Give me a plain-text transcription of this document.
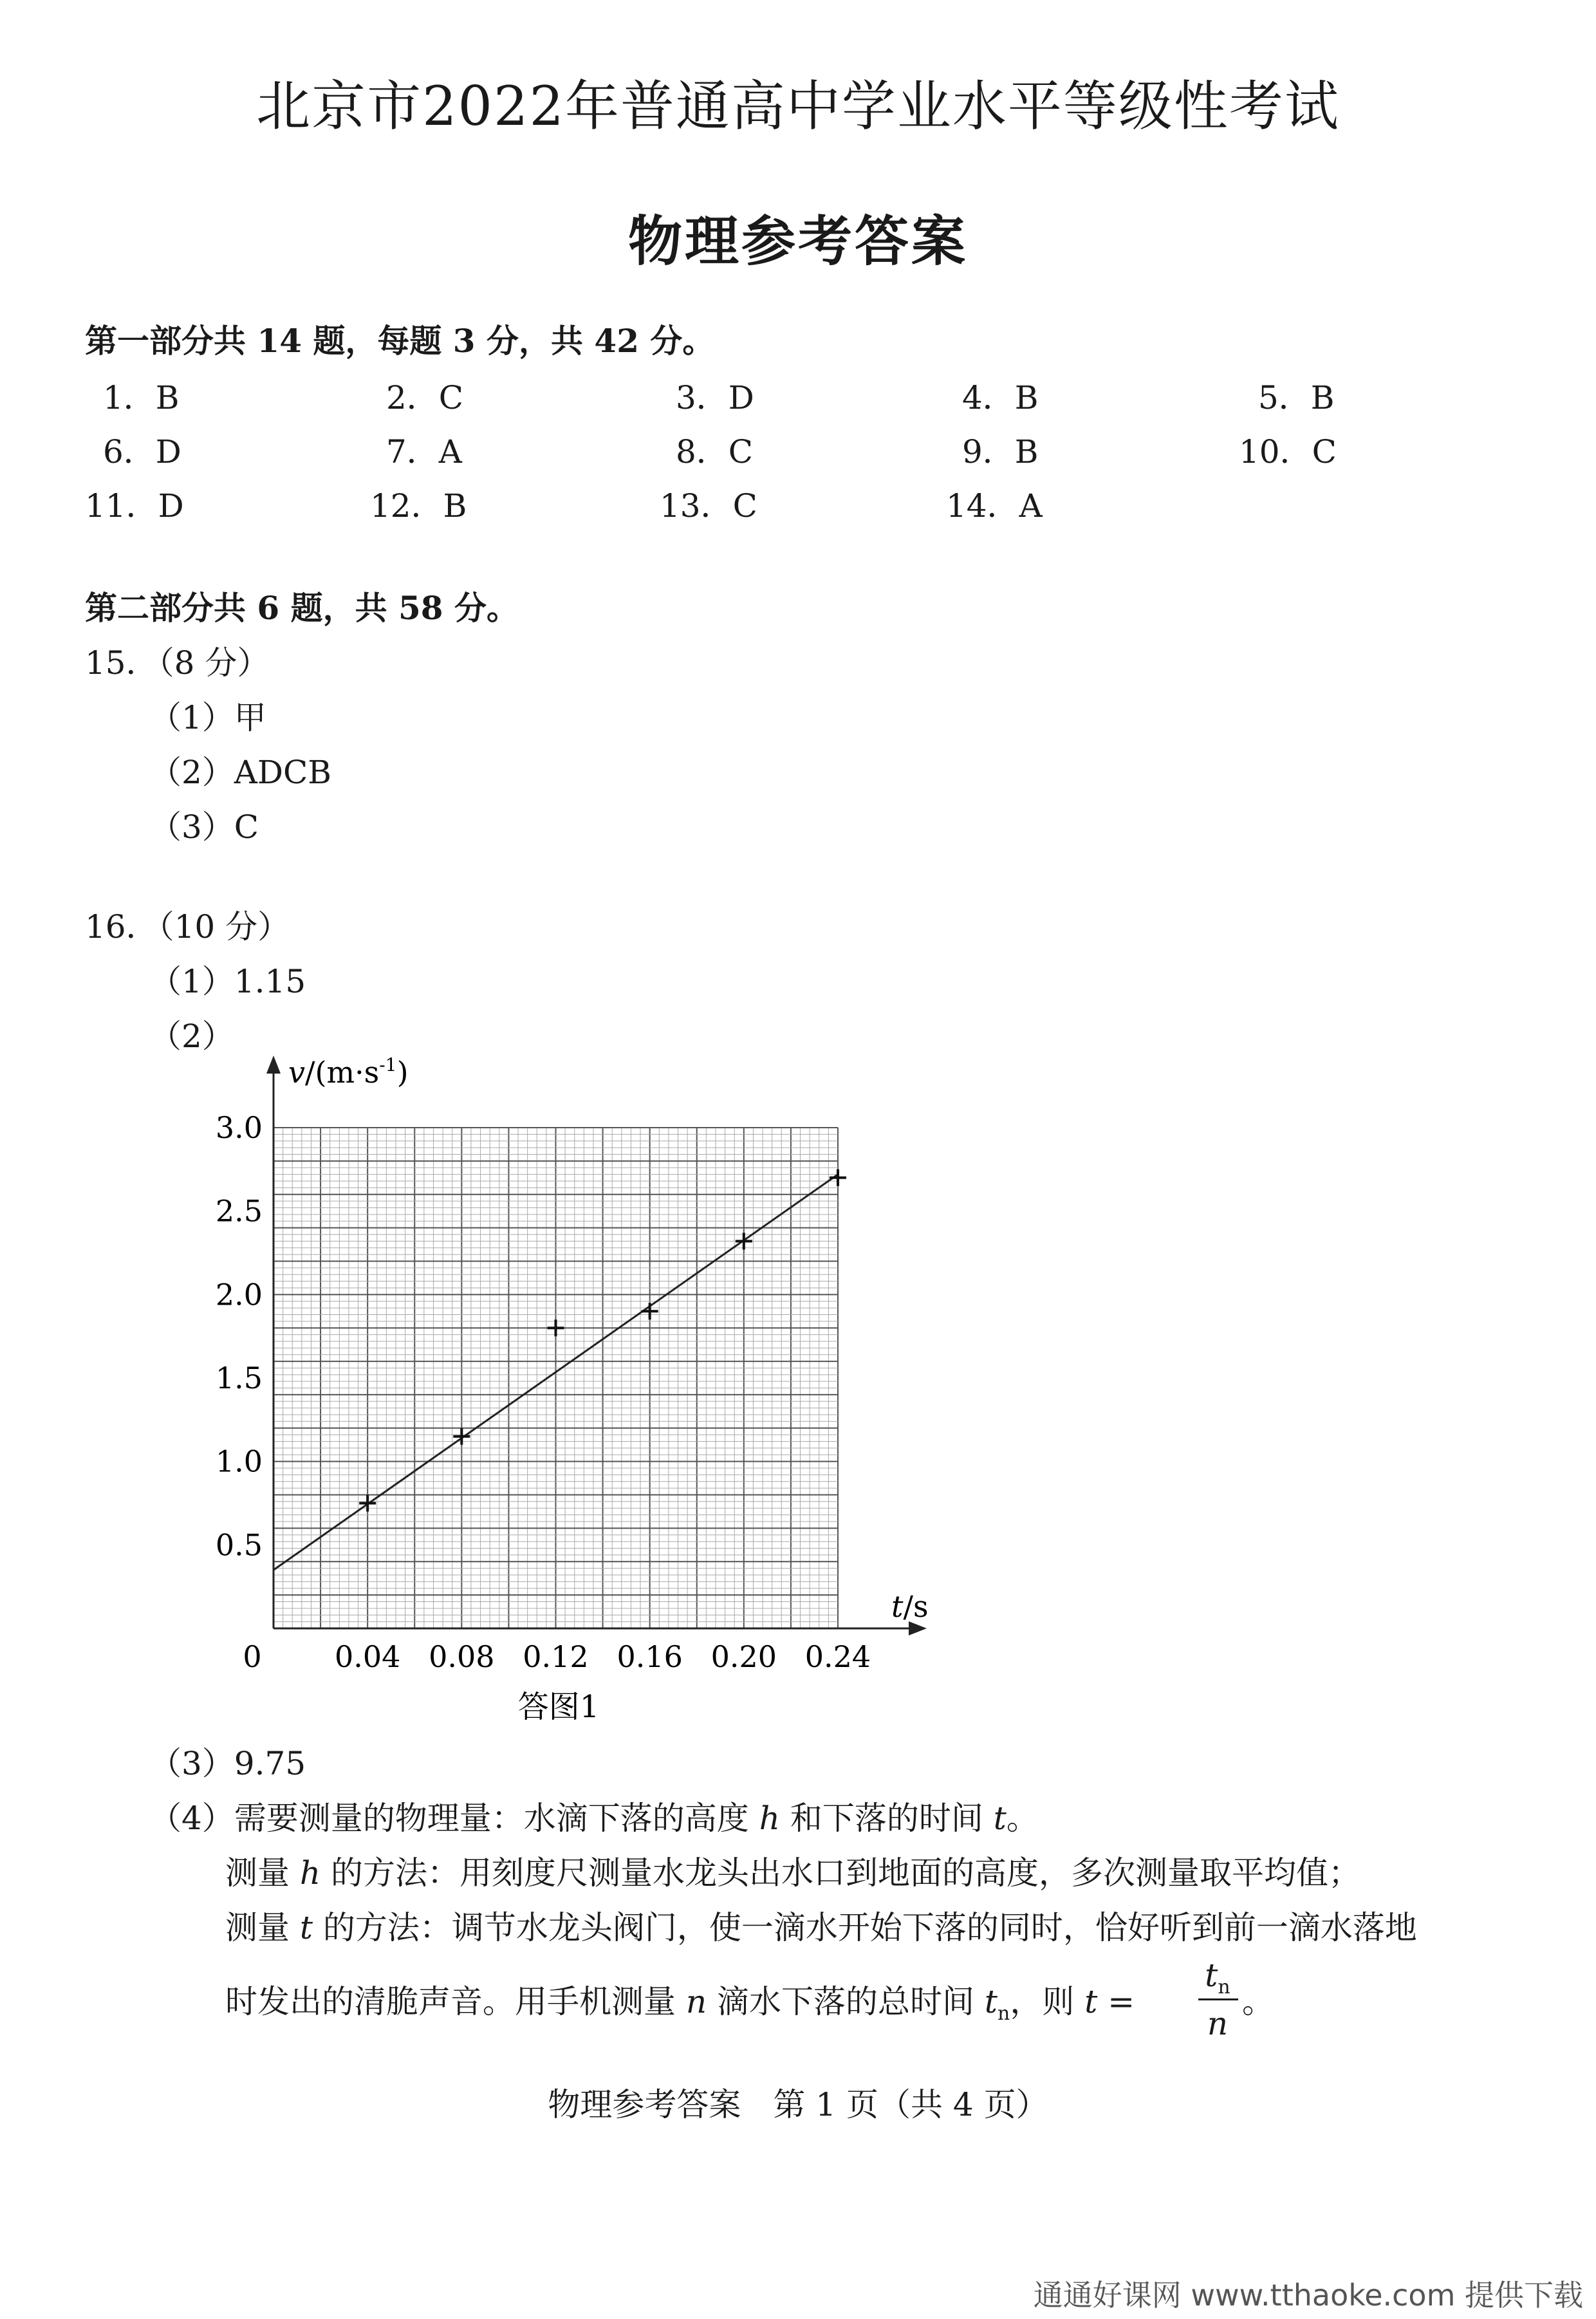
北京市2022年普通高中学业水平等级性考试
物理参考答案
第一部分共 14 题，每题 3 分，共 42 分。
1．B	2．C	3．D	4．B	5．B
6．D	7．A	8．C	9．B	10．C
11．D	12．B	13．C	14．A
第二部分共 6 题，共 58 分。
15．（8 分）
（1）甲
（2）ADCB
（3）C
16．（10 分）
（1）1.15
（2）
$v/(m\cdot s^{-1})$
t/s
0 0.04 0.08 0.12 0.16 0.20 0.24
0.5
1.0
1.5
2.0
2.5
3.0
答图1
（3）9.75
（4）需要测量的物理量：水滴下落的高度 h 和下落的时间 t。
测量 h 的方法：用刻度尺测量水龙头出水口到地面的高度，多次测量取平均值；
测量 t 的方法：调节水龙头阀门，使一滴水开始下落的同时，恰好听到前一滴水落地
时发出的清脆声音。用手机测量 n 滴水下落的总时间 $t_n$，则 t =
$t_n$
n
。
物理参考答案　第 1 页（共 4 页）
通通好课网 www.tthaoke.com 提供下载
